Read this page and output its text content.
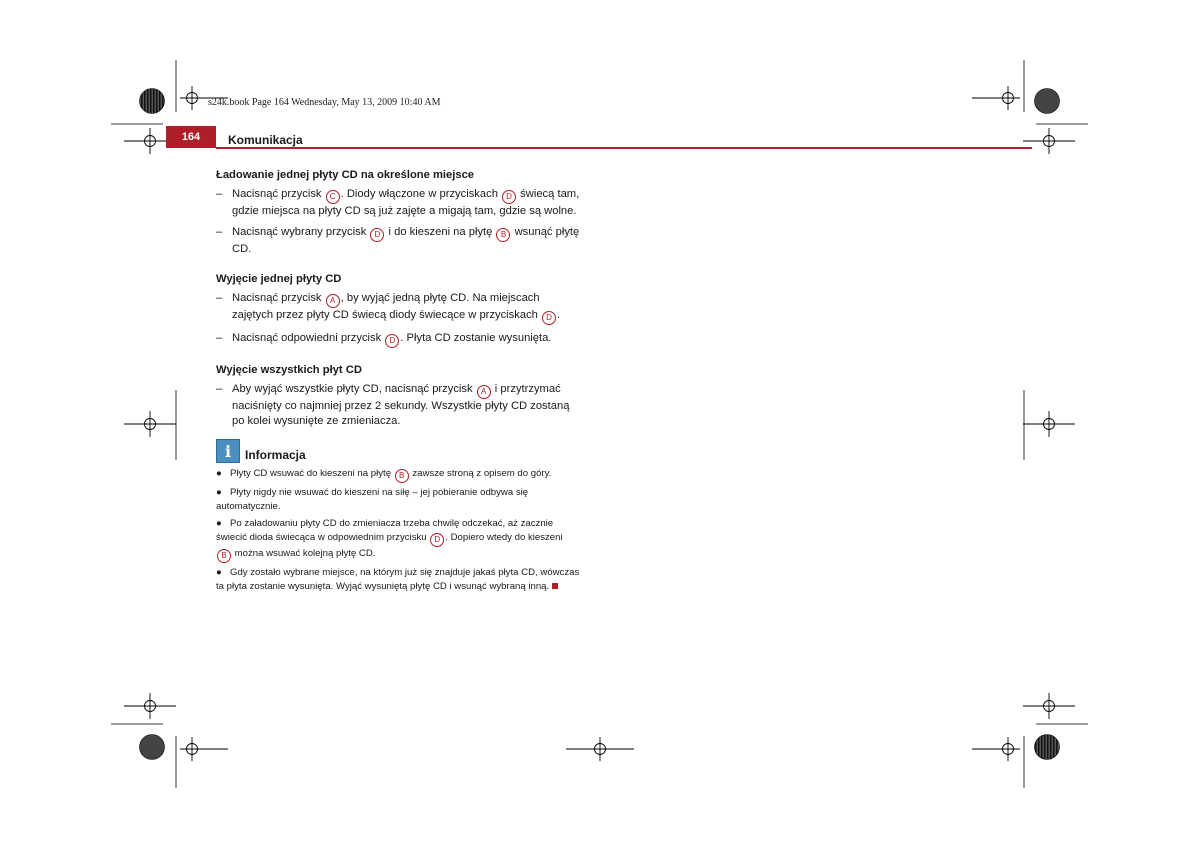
s24k.book Page 164 Wednesday, May 13, 2009 10:40 AM
164	Komunikacja
Ładowanie jednej płyty CD na określone miejsce
– Nacisnąć przycisk C . Diody włączone w przyciskach D świecą tam, gdzie miejsca na płyty CD są już zajęte a migają tam, gdzie są wolne.
– Nacisnąć wybrany przycisk D i do kieszeni na płytę B wsunąć płytę CD.
Wyjęcie jednej płyty CD
– Nacisnąć przycisk A , by wyjąć jedną płytę CD. Na miejscach zajętych przez płyty CD świecą diody świecące w przyciskach D .
– Nacisnąć odpowiedni przycisk D . Płyta CD zostanie wysunięta.
Wyjęcie wszystkich płyt CD
– Aby wyjąć wszystkie płyty CD, nacisnąć przycisk A i przytrzymać naciśnięty co najmniej przez 2 sekundy. Wszystkie płyty CD zostaną po kolei wysunięte ze zmieniacza.
i	Informacja
● Płyty CD wsuwać do kieszeni na płytę B zawsze stroną z opisem do góry.
● Płyty nigdy nie wsuwać do kieszeni na siłę – jej pobieranie odbywa się automatycznie.
● Po załadowaniu płyty CD do zmieniacza trzeba chwilę odczekać, aż zacznie świecić dioda świecąca w odpowiednim przycisku D . Dopiero wtedy do kieszeni B można wsuwać kolejną płytę CD.
● Gdy zostało wybrane miejsce, na którym już się znajduje jakaś płyta CD, wówczas ta płyta zostanie wysunięta. Wyjąć wysuniętą płytę CD i wsunąć wybraną inną.
